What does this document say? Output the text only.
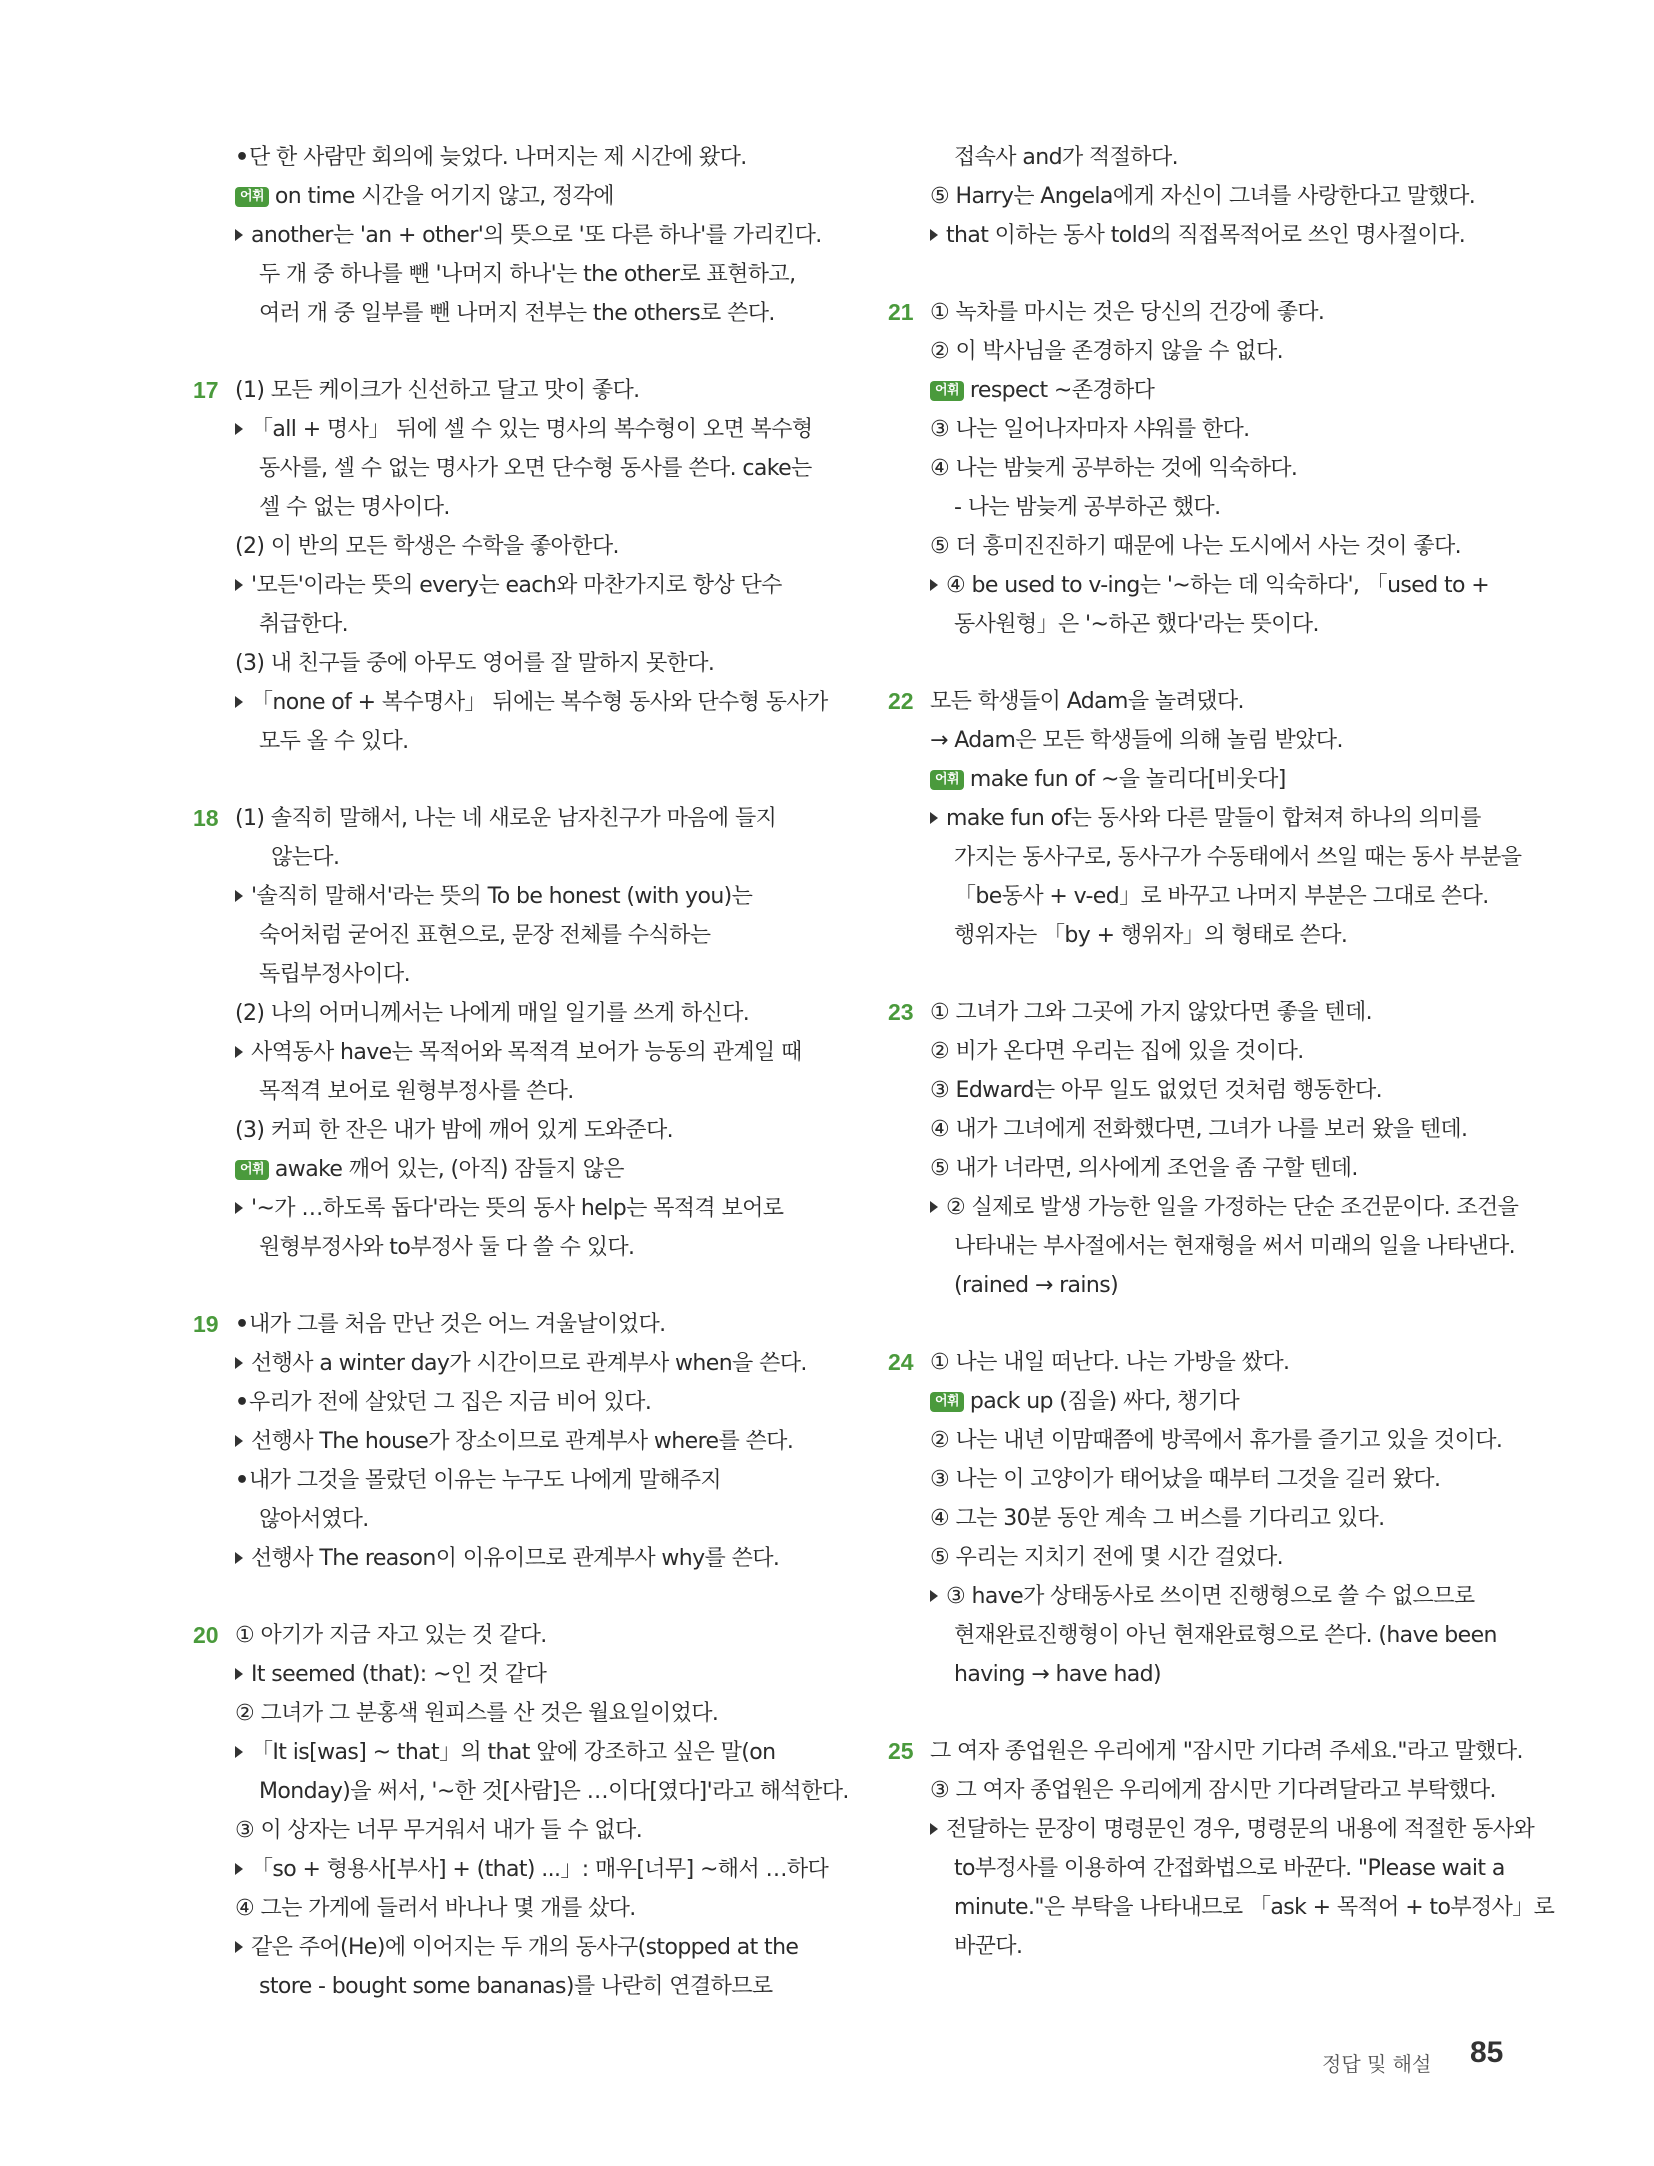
•단 한 사람만 회의에 늦었다. 나머지는 제 시간에 왔다.
어휘 on time 시간을 어기지 않고, 정각에
another는 'an + other'의 뜻으로 '또 다른 하나'를 가리킨다.
두 개 중 하나를 뺀 '나머지 하나'는 the other로 표현하고,
여러 개 중 일부를 뺀 나머지 전부는 the others로 쓴다.
17 (1) 모든 케이크가 신선하고 달고 맛이 좋다.
「all + 명사」 뒤에 셀 수 있는 명사의 복수형이 오면 복수형
동사를, 셀 수 없는 명사가 오면 단수형 동사를 쓴다. cake는
셀 수 없는 명사이다.
(2) 이 반의 모든 학생은 수학을 좋아한다.
'모든'이라는 뜻의 every는 each와 마찬가지로 항상 단수
취급한다.
(3) 내 친구들 중에 아무도 영어를 잘 말하지 못한다.
「none of + 복수명사」 뒤에는 복수형 동사와 단수형 동사가
모두 올 수 있다.
18 (1) 솔직히 말해서, 나는 네 새로운 남자친구가 마음에 들지
않는다.
'솔직히 말해서'라는 뜻의 To be honest (with you)는
숙어처럼 굳어진 표현으로, 문장 전체를 수식하는
독립부정사이다.
(2) 나의 어머니께서는 나에게 매일 일기를 쓰게 하신다.
사역동사 have는 목적어와 목적격 보어가 능동의 관계일 때
목적격 보어로 원형부정사를 쓴다.
(3) 커피 한 잔은 내가 밤에 깨어 있게 도와준다.
어휘 awake 깨어 있는, (아직) 잠들지 않은
'~가 …하도록 돕다'라는 뜻의 동사 help는 목적격 보어로
원형부정사와 to부정사 둘 다 쓸 수 있다.
19 •내가 그를 처음 만난 것은 어느 겨울날이었다.
선행사 a winter day가 시간이므로 관계부사 when을 쓴다.
•우리가 전에 살았던 그 집은 지금 비어 있다.
선행사 The house가 장소이므로 관계부사 where를 쓴다.
•내가 그것을 몰랐던 이유는 누구도 나에게 말해주지
않아서였다.
선행사 The reason이 이유이므로 관계부사 why를 쓴다.
20 ① 아기가 지금 자고 있는 것 같다.
It seemed (that): ~인 것 같다
② 그녀가 그 분홍색 원피스를 산 것은 월요일이었다.
「It is[was] ~ that」의 that 앞에 강조하고 싶은 말(on
Monday)을 써서, '~한 것[사람]은 …이다[였다]'라고 해석한다.
③ 이 상자는 너무 무거워서 내가 들 수 없다.
「so + 형용사[부사] + (that) ...」: 매우[너무] ~해서 …하다
④ 그는 가게에 들러서 바나나 몇 개를 샀다.
같은 주어(He)에 이어지는 두 개의 동사구(stopped at the
store - bought some bananas)를 나란히 연결하므로
접속사 and가 적절하다.
⑤ Harry는 Angela에게 자신이 그녀를 사랑한다고 말했다.
that 이하는 동사 told의 직접목적어로 쓰인 명사절이다.
21 ① 녹차를 마시는 것은 당신의 건강에 좋다.
② 이 박사님을 존경하지 않을 수 없다.
어휘 respect ~존경하다
③ 나는 일어나자마자 샤워를 한다.
④ 나는 밤늦게 공부하는 것에 익숙하다.
- 나는 밤늦게 공부하곤 했다.
⑤ 더 흥미진진하기 때문에 나는 도시에서 사는 것이 좋다.
④ be used to v-ing는 '~하는 데 익숙하다', 「used to +
동사원형」은 '~하곤 했다'라는 뜻이다.
22 모든 학생들이 Adam을 놀려댔다.
→ Adam은 모든 학생들에 의해 놀림 받았다.
어휘 make fun of ~을 놀리다[비웃다]
make fun of는 동사와 다른 말들이 합쳐져 하나의 의미를
가지는 동사구로, 동사구가 수동태에서 쓰일 때는 동사 부분을
「be동사 + v-ed」로 바꾸고 나머지 부분은 그대로 쓴다.
행위자는 「by + 행위자」의 형태로 쓴다.
23 ① 그녀가 그와 그곳에 가지 않았다면 좋을 텐데.
② 비가 온다면 우리는 집에 있을 것이다.
③ Edward는 아무 일도 없었던 것처럼 행동한다.
④ 내가 그녀에게 전화했다면, 그녀가 나를 보러 왔을 텐데.
⑤ 내가 너라면, 의사에게 조언을 좀 구할 텐데.
② 실제로 발생 가능한 일을 가정하는 단순 조건문이다. 조건을
나타내는 부사절에서는 현재형을 써서 미래의 일을 나타낸다.
(rained → rains)
24 ① 나는 내일 떠난다. 나는 가방을 쌌다.
어휘 pack up (짐을) 싸다, 챙기다
② 나는 내년 이맘때쯤에 방콕에서 휴가를 즐기고 있을 것이다.
③ 나는 이 고양이가 태어났을 때부터 그것을 길러 왔다.
④ 그는 30분 동안 계속 그 버스를 기다리고 있다.
⑤ 우리는 지치기 전에 몇 시간 걸었다.
③ have가 상태동사로 쓰이면 진행형으로 쓸 수 없으므로
현재완료진행형이 아닌 현재완료형으로 쓴다. (have been
having → have had)
25 그 여자 종업원은 우리에게 "잠시만 기다려 주세요."라고 말했다.
③ 그 여자 종업원은 우리에게 잠시만 기다려달라고 부탁했다.
전달하는 문장이 명령문인 경우, 명령문의 내용에 적절한 동사와
to부정사를 이용하여 간접화법으로 바꾼다. "Please wait a
minute."은 부탁을 나타내므로 「ask + 목적어 + to부정사」로
바꾼다.
정답 및 해설 85
